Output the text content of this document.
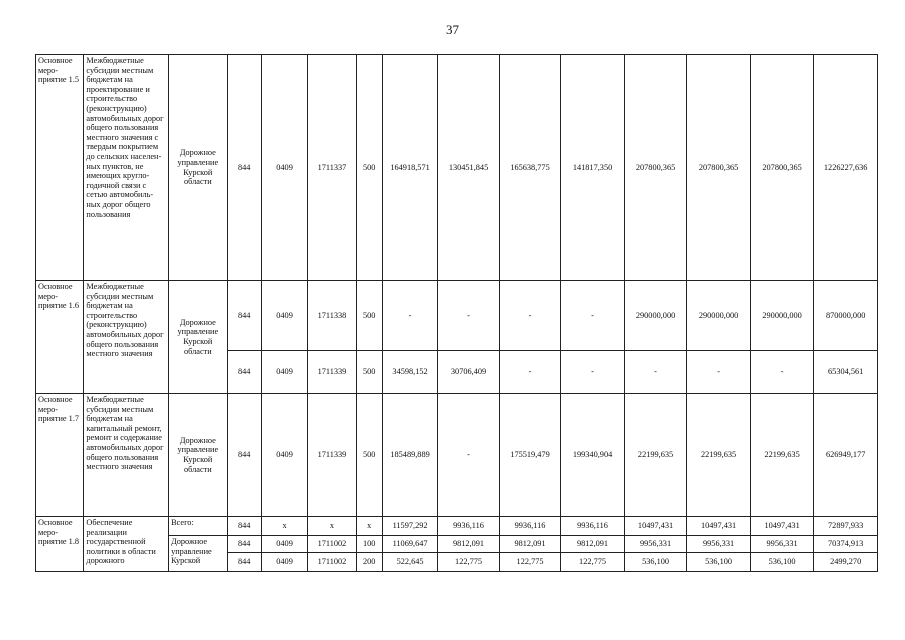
37
Основное меро- приятие 1.5	Межбюджетные субсидии местным бюджетам на проектирование и строительство (реконструкцию) автомобильных дорог общего пользования местного значения с твердым покрытием до сельских населен- ных пунктов, не имеющих кругло- годичной связи с сетью автомобиль- ных дорог общего пользования	Дорожное управление Курской области	844	0409	1711337	500	164918,571	130451,845	165638,775	141817,350	207800,365	207800,365	207800,365	1226227,636
Основное меро- приятие 1.6	Межбюджетные субсидии местным бюджетам на строительство (реконструкцию) автомобильных дорог общего пользования местного значения	Дорожное управление Курской области	844	0409	1711338	500	-	-	-	-	290000,000	290000,000	290000,000	870000,000
			844	0409	1711339	500	34598,152	30706,409	-	-	-	-	-	65304,561
Основное меро- приятие 1.7	Межбюджетные субсидии местным бюджетам на капитальный ремонт, ремонт и содержание автомобильных дорог общего пользования местного значения	Дорожное управление Курской области	844	0409	1711339	500	185489,889	-	175519,479	199340,904	22199,635	22199,635	22199,635	626949,177
Основное меро- приятие 1.8	Обеспечение реализации государственной политики в области дорожного	Всего:	844	x	x	x	11597,292	9936,116	9936,116	9936,116	10497,431	10497,431	10497,431	72897,933
		Дорожное управление Курской	844	0409	1711002	100	11069,647	9812,091	9812,091	9812,091	9956,331	9956,331	9956,331	70374,913
			844	0409	1711002	200	522,645	122,775	122,775	122,775	536,100	536,100	536,100	2499,270
